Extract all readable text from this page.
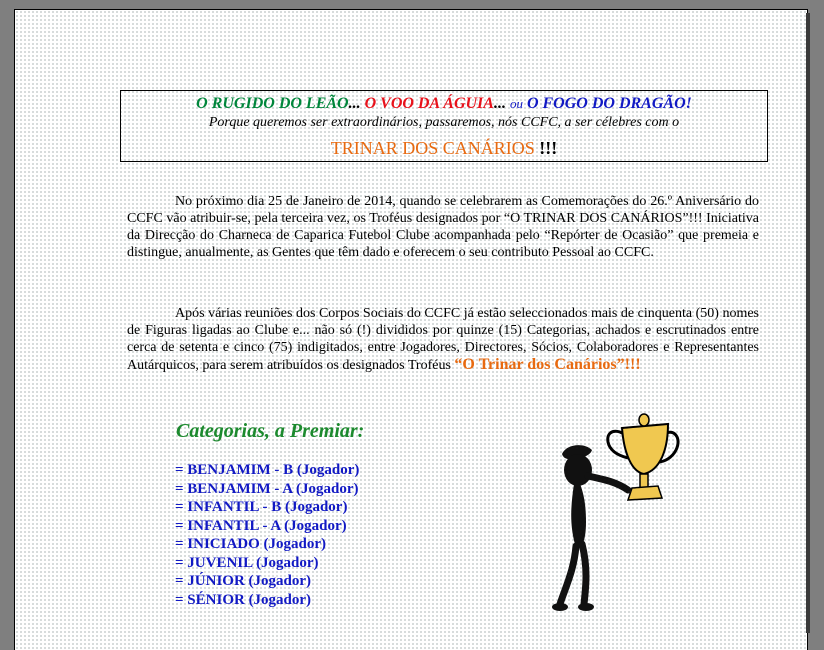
O RUGIDO DO LEÃO... O VOO DA ÁGUIA... ou O FOGO DO DRAGÃO!
Porque queremos ser extraordinários, passaremos, nós CCFC, a ser célebres com o
TRINAR DOS CANÁRIOS !!!
No próximo dia 25 de Janeiro de 2014, quando se celebrarem as Comemorações do 26.º Aniversário do CCFC vão atribuir-se, pela terceira vez, os Troféus designados por “O TRINAR DOS CANÁRIOS”!!! Iniciativa da Direcção do Charneca de Caparica Futebol Clube acompanhada pelo “Repórter de Ocasião” que premeia e distingue, anualmente, as Gentes que têm dado e oferecem o seu contributo Pessoal ao CCFC.
Após várias reuniões dos Corpos Sociais do CCFC já estão seleccionados mais de cinquenta (50) nomes de Figuras ligadas ao Clube e... não só (!) divididos por quinze (15) Categorias, achados e escrutinados entre cerca de setenta e cinco (75) indigitados, entre Jogadores, Directores, Sócios, Colaboradores e Representantes Autárquicos, para serem atribuídos os designados Troféus “O Trinar dos Canários”!!!
Categorias, a Premiar:
= BENJAMIM - B (Jogador)
= BENJAMIM - A (Jogador)
= INFANTIL - B (Jogador)
= INFANTIL - A (Jogador)
= INICIADO (Jogador)
= JUVENIL (Jogador)
= JÚNIOR (Jogador)
= SÉNIOR (Jogador)
